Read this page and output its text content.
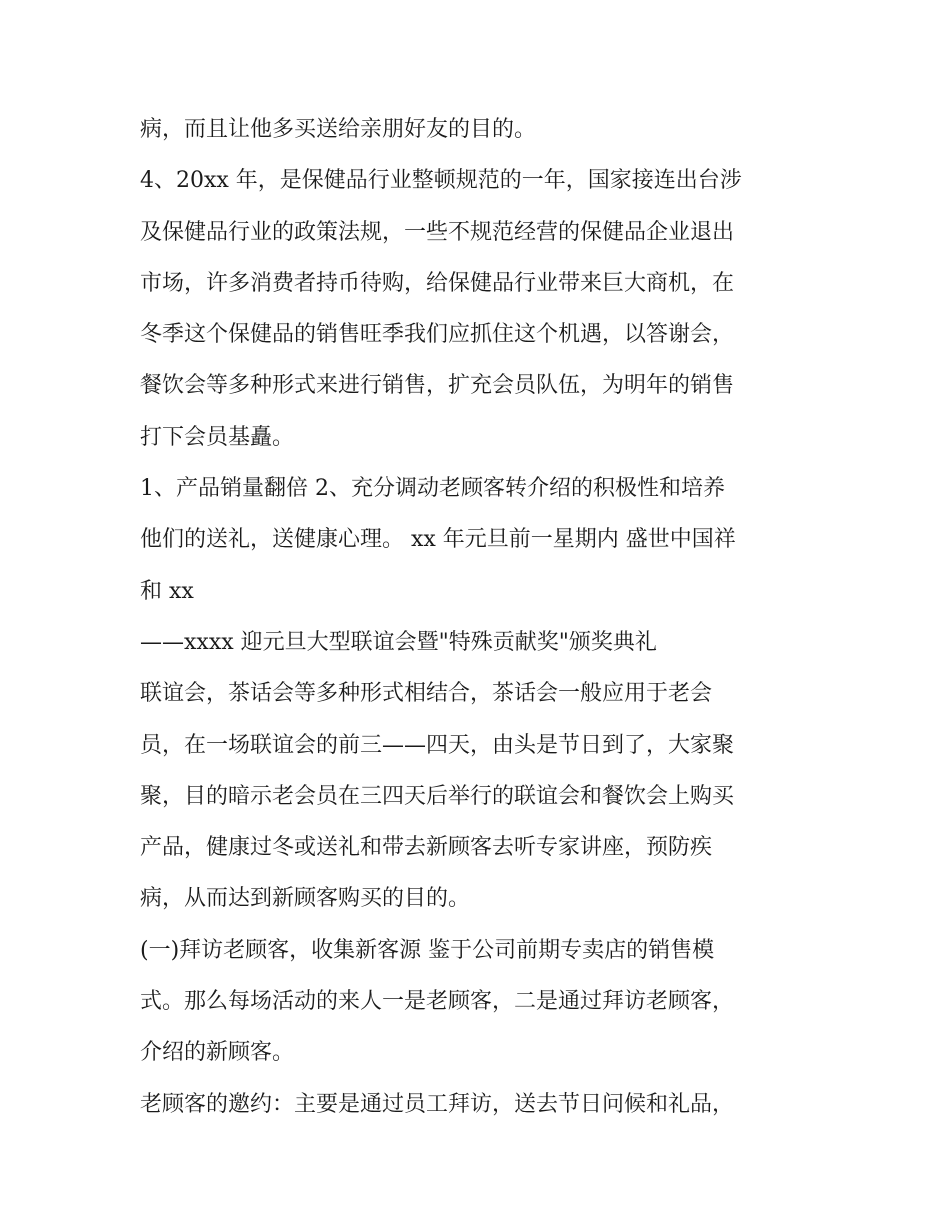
病，而且让他多买送给亲朋好友的目的。
4、20xx 年，是保健品行业整顿规范的一年，国家接连出台涉
及保健品行业的政策法规，一些不规范经营的保健品企业退出
市场，许多消费者持币待购，给保健品行业带来巨大商机，在
冬季这个保健品的销售旺季我们应抓住这个机遇，以答谢会，
餐饮会等多种形式来进行销售，扩充会员队伍，为明年的销售
打下会员基矗。
1、产品销量翻倍 2、充分调动老顾客转介绍的积极性和培养
他们的送礼，送健康心理。 xx 年元旦前一星期内 盛世中国祥
和 xx
——xxxx 迎元旦大型联谊会暨"特殊贡献奖"颁奖典礼
联谊会，茶话会等多种形式相结合，茶话会一般应用于老会
员，在一场联谊会的前三——四天，由头是节日到了，大家聚
聚，目的暗示老会员在三四天后举行的联谊会和餐饮会上购买
产品，健康过冬或送礼和带去新顾客去听专家讲座，预防疾
病，从而达到新顾客购买的目的。
(一)拜访老顾客，收集新客源 鉴于公司前期专卖店的销售模
式。那么每场活动的来人一是老顾客，二是通过拜访老顾客，
介绍的新顾客。
老顾客的邀约：主要是通过员工拜访，送去节日问候和礼品，
